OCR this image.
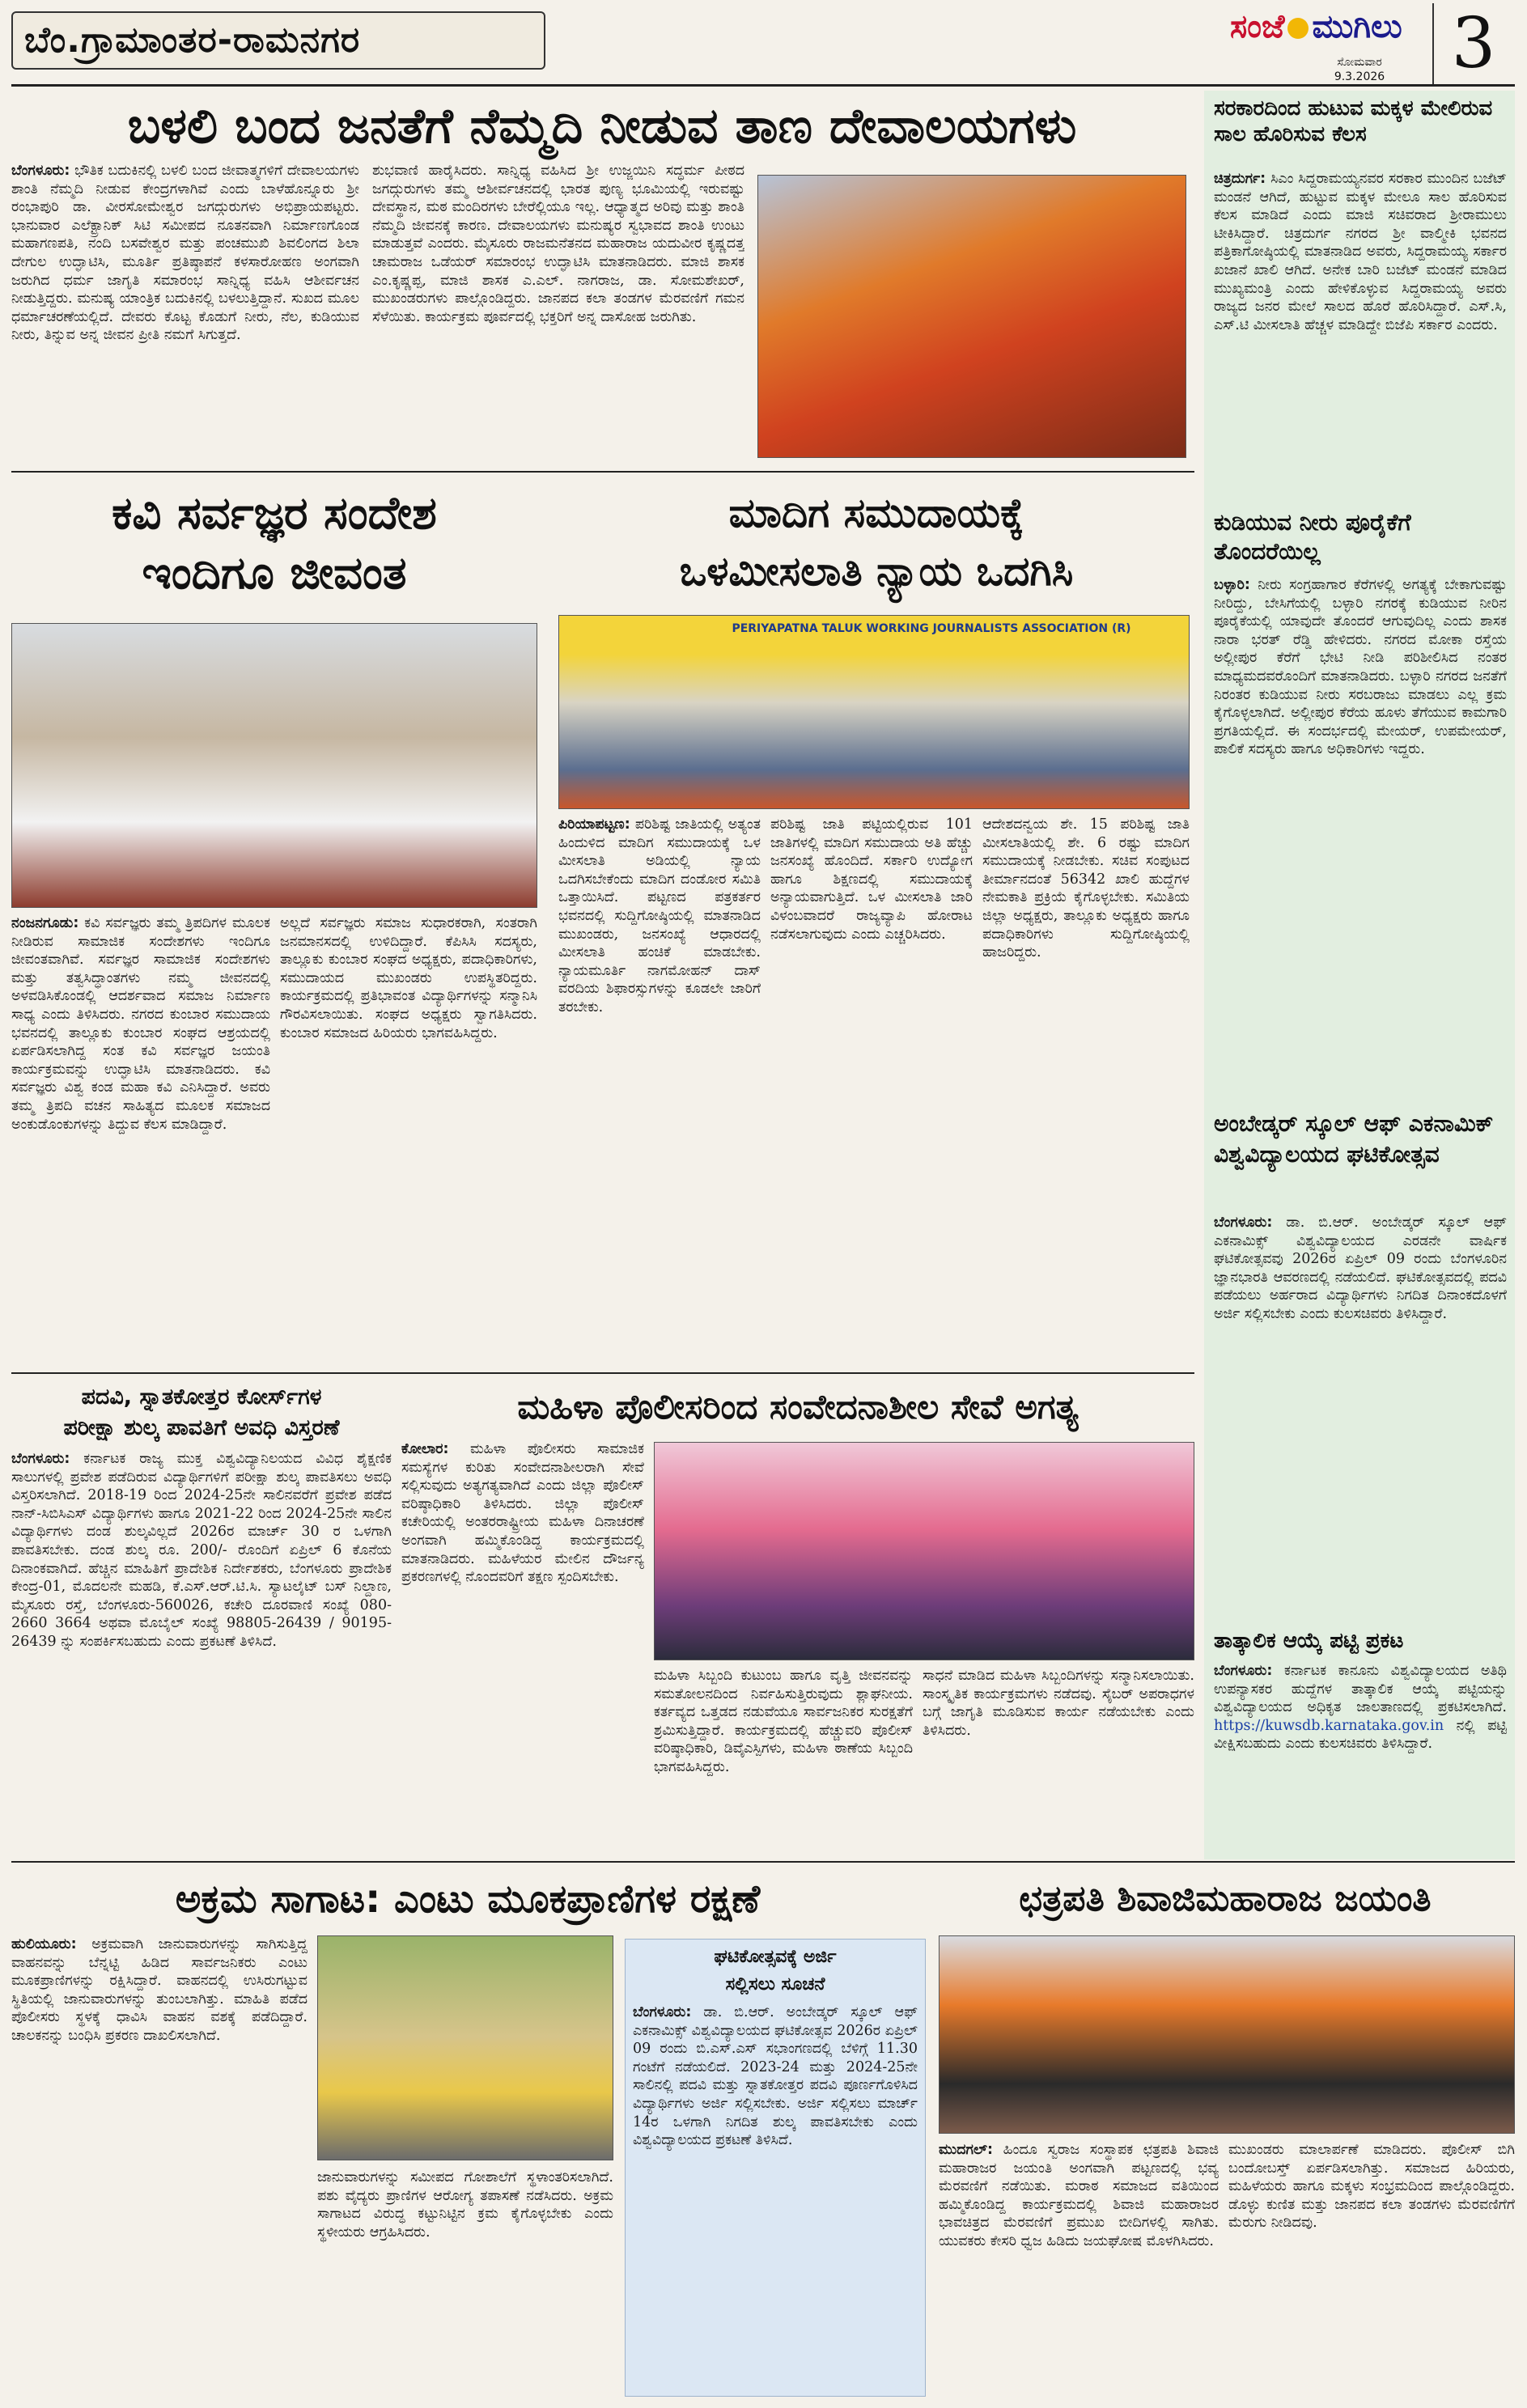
ಬೆಂ.ಗ್ರಾಮಾಂತರ-ರಾಮನಗರ	ಸಂಜೆ ಮುಗಿಲು
ಸೋಮವಾರ
9.3.2026 3
ಬಳಲಿ ಬಂದ ಜನತೆಗೆ ನೆಮ್ಮದಿ ನೀಡುವ ತಾಣ ದೇವಾಲಯಗಳು
ಬೆಂಗಳೂರು: ಭೌತಿಕ ಬದುಕಿನಲ್ಲಿ ಬಳಲಿ ಬಂದ ಜೀವಾತ್ಮಗಳಿಗೆ ದೇವಾಲಯಗಳು ಶಾಂತಿ ನೆಮ್ಮದಿ ನೀಡುವ ಕೇಂದ್ರಗಳಾಗಿವೆ ಎಂದು ಬಾಳೆಹೊನ್ನೂರು ಶ್ರೀ ರಂಭಾಪುರಿ ಡಾ. ವೀರಸೋಮೇಶ್ವರ ಜಗದ್ಗುರುಗಳು ಅಭಿಪ್ರಾಯಪಟ್ಟರು. ಭಾನುವಾರ ಎಲೆಕ್ಟ್ರಾನಿಕ್ ಸಿಟಿ ಸಮೀಪದ ನೂತನವಾಗಿ ನಿರ್ಮಾಣಗೊಂಡ ಮಹಾಗಣಪತಿ, ನಂದಿ ಬಸವೇಶ್ವರ ಮತ್ತು ಪಂಚಮುಖಿ ಶಿವಲಿಂಗದ ಶಿಲಾ ದೇಗುಲ ಉದ್ಘಾಟಿಸಿ, ಮೂರ್ತಿ ಪ್ರತಿಷ್ಠಾಪನೆ ಕಳಸಾರೋಹಣ ಅಂಗವಾಗಿ ಜರುಗಿದ ಧರ್ಮ ಜಾಗೃತಿ ಸಮಾರಂಭ ಸಾನ್ನಿಧ್ಯ ವಹಿಸಿ ಆಶೀರ್ವಚನ ನೀಡುತ್ತಿದ್ದರು. ಮನುಷ್ಯ ಯಾಂತ್ರಿಕ ಬದುಕಿನಲ್ಲಿ ಬಳಲುತ್ತಿದ್ದಾನೆ. ಸುಖದ ಮೂಲ ಧರ್ಮಾಚರಣೆಯಲ್ಲಿದೆ. ದೇವರು ಕೊಟ್ಟ ಕೊಡುಗೆ ನೀರು, ನೆಲ, ಕುಡಿಯುವ ನೀರು, ತಿನ್ನುವ ಅನ್ನ ಜೀವನ ಪ್ರೀತಿ ನಮಗೆ ಸಿಗುತ್ತದೆ.
ಶುಭವಾಣಿ ಹಾರೈಸಿದರು. ಸಾನ್ನಿಧ್ಯ ವಹಿಸಿದ ಶ್ರೀ ಉಜ್ಜಯಿನಿ ಸದ್ಧರ್ಮ ಪೀಠದ ಜಗದ್ಗುರುಗಳು ತಮ್ಮ ಆಶೀರ್ವಚನದಲ್ಲಿ ಭಾರತ ಪುಣ್ಯ ಭೂಮಿಯಲ್ಲಿ ಇರುವಷ್ಟು ದೇವಸ್ಥಾನ, ಮಠ ಮಂದಿರಗಳು ಬೇರೆಲ್ಲಿಯೂ ಇಲ್ಲ. ಆಧ್ಯಾತ್ಮದ ಅರಿವು ಮತ್ತು ಶಾಂತಿ ನೆಮ್ಮದಿ ಜೀವನಕ್ಕೆ ಕಾರಣ. ದೇವಾಲಯಗಳು ಮನುಷ್ಯರ ಸ್ವಭಾವದ ಶಾಂತಿ ಉಂಟು ಮಾಡುತ್ತವೆ ಎಂದರು. ಮೈಸೂರು ರಾಜಮನೆತನದ ಮಹಾರಾಜ ಯದುವೀರ ಕೃಷ್ಣದತ್ತ ಚಾಮರಾಜ ಒಡೆಯರ್ ಸಮಾರಂಭ ಉದ್ಘಾಟಿಸಿ ಮಾತನಾಡಿದರು. ಮಾಜಿ ಶಾಸಕ ಎಂ.ಕೃಷ್ಣಪ್ಪ, ಮಾಜಿ ಶಾಸಕ ಎ.ಎಲ್. ನಾಗರಾಜ, ಡಾ. ಸೋಮಶೇಖರ್, ಮುಖಂಡರುಗಳು ಪಾಲ್ಗೊಂಡಿದ್ದರು. ಜಾನಪದ ಕಲಾ ತಂಡಗಳ ಮೆರವಣಿಗೆ ಗಮನ ಸೆಳೆಯಿತು. ಕಾರ್ಯಕ್ರಮ ಪೂರ್ವದಲ್ಲಿ ಭಕ್ತರಿಗೆ ಅನ್ನ ದಾಸೋಹ ಜರುಗಿತು.
ಸರಕಾರದಿಂದ ಹುಟುವ ಮಕ್ಕಳ ಮೇಲಿರುವ ಸಾಲ ಹೊರಿಸುವ ಕೆಲಸ
ಚಿತ್ರದುರ್ಗ: ಸಿಎಂ ಸಿದ್ದರಾಮಯ್ಯನವರ ಸರಕಾರ ಮುಂದಿನ ಬಜೆಟ್ ಮಂಡನೆ ಆಗಿದೆ, ಹುಟ್ಟುವ ಮಕ್ಕಳ ಮೇಲೂ ಸಾಲ ಹೊರಿಸುವ ಕೆಲಸ ಮಾಡಿದೆ ಎಂದು ಮಾಜಿ ಸಚಿವರಾದ ಶ್ರೀರಾಮುಲು ಟೀಕಿಸಿದ್ದಾರೆ. ಚಿತ್ರದುರ್ಗ ನಗರದ ಶ್ರೀ ವಾಲ್ಮೀಕಿ ಭವನದ ಪತ್ರಿಕಾಗೋಷ್ಠಿಯಲ್ಲಿ ಮಾತನಾಡಿದ ಅವರು, ಸಿದ್ದರಾಮಯ್ಯ ಸರ್ಕಾರ ಖಜಾನೆ ಖಾಲಿ ಆಗಿದೆ. ಅನೇಕ ಬಾರಿ ಬಜೆಟ್ ಮಂಡನೆ ಮಾಡಿದ ಮುಖ್ಯಮಂತ್ರಿ ಎಂದು ಹೇಳಿಕೊಳ್ಳುವ ಸಿದ್ದರಾಮಯ್ಯ ಅವರು ರಾಜ್ಯದ ಜನರ ಮೇಲೆ ಸಾಲದ ಹೊರೆ ಹೊರಿಸಿದ್ದಾರೆ. ಎಸ್.ಸಿ, ಎಸ್.ಟಿ ಮೀಸಲಾತಿ ಹೆಚ್ಚಳ ಮಾಡಿದ್ದೇ ಬಿಜೆಪಿ ಸರ್ಕಾರ ಎಂದರು.
ಕುಡಿಯುವ ನೀರು ಪೂರೈಕೆಗೆ ತೊಂದರೆಯಿಲ್ಲ
ಬಳ್ಳಾರಿ: ನೀರು ಸಂಗ್ರಹಾಗಾರ ಕೆರೆಗಳಲ್ಲಿ ಅಗತ್ಯಕ್ಕೆ ಬೇಕಾಗುವಷ್ಟು ನೀರಿದ್ದು, ಬೇಸಿಗೆಯಲ್ಲಿ ಬಳ್ಳಾರಿ ನಗರಕ್ಕೆ ಕುಡಿಯುವ ನೀರಿನ ಪೂರೈಕೆಯಲ್ಲಿ ಯಾವುದೇ ತೊಂದರೆ ಆಗುವುದಿಲ್ಲ ಎಂದು ಶಾಸಕ ನಾರಾ ಭರತ್ ರೆಡ್ಡಿ ಹೇಳಿದರು. ನಗರದ ಮೋಕಾ ರಸ್ತೆಯ ಅಲ್ಲೀಪುರ ಕೆರೆಗೆ ಭೇಟಿ ನೀಡಿ ಪರಿಶೀಲಿಸಿದ ನಂತರ ಮಾಧ್ಯಮದವರೊಂದಿಗೆ ಮಾತನಾಡಿದರು. ಬಳ್ಳಾರಿ ನಗರದ ಜನತೆಗೆ ನಿರಂತರ ಕುಡಿಯುವ ನೀರು ಸರಬರಾಜು ಮಾಡಲು ಎಲ್ಲ ಕ್ರಮ ಕೈಗೊಳ್ಳಲಾಗಿದೆ. ಅಲ್ಲೀಪುರ ಕೆರೆಯ ಹೂಳು ತೆಗೆಯುವ ಕಾಮಗಾರಿ ಪ್ರಗತಿಯಲ್ಲಿದೆ. ಈ ಸಂದರ್ಭದಲ್ಲಿ ಮೇಯರ್, ಉಪಮೇಯರ್, ಪಾಲಿಕೆ ಸದಸ್ಯರು ಹಾಗೂ ಅಧಿಕಾರಿಗಳು ಇದ್ದರು.
ಅಂಬೇಡ್ಕರ್ ಸ್ಕೂಲ್ ಆಫ್ ಎಕನಾಮಿಕ್ ವಿಶ್ವವಿದ್ಯಾಲಯದ ಘಟಿಕೋತ್ಸವ
ಬೆಂಗಳೂರು: ಡಾ. ಬಿ.ಆರ್. ಅಂಬೇಡ್ಕರ್ ಸ್ಕೂಲ್ ಆಫ್ ಎಕನಾಮಿಕ್ಸ್ ವಿಶ್ವವಿದ್ಯಾಲಯದ ಎರಡನೇ ವಾರ್ಷಿಕ ಘಟಿಕೋತ್ಸವವು 2026ರ ಏಪ್ರಿಲ್ 09 ರಂದು ಬೆಂಗಳೂರಿನ ಜ್ಞಾನಭಾರತಿ ಆವರಣದಲ್ಲಿ ನಡೆಯಲಿದೆ. ಘಟಿಕೋತ್ಸವದಲ್ಲಿ ಪದವಿ ಪಡೆಯಲು ಅರ್ಹರಾದ ವಿದ್ಯಾರ್ಥಿಗಳು ನಿಗದಿತ ದಿನಾಂಕದೊಳಗೆ ಅರ್ಜಿ ಸಲ್ಲಿಸಬೇಕು ಎಂದು ಕುಲಸಚಿವರು ತಿಳಿಸಿದ್ದಾರೆ.
ತಾತ್ಕಾಲಿಕ ಆಯ್ಕೆ ಪಟ್ಟಿ ಪ್ರಕಟ
ಬೆಂಗಳೂರು: ಕರ್ನಾಟಕ ಕಾನೂನು ವಿಶ್ವವಿದ್ಯಾಲಯದ ಅತಿಥಿ ಉಪನ್ಯಾಸಕರ ಹುದ್ದೆಗಳ ತಾತ್ಕಾಲಿಕ ಆಯ್ಕೆ ಪಟ್ಟಿಯನ್ನು ವಿಶ್ವವಿದ್ಯಾಲಯದ ಅಧಿಕೃತ ಜಾಲತಾಣದಲ್ಲಿ ಪ್ರಕಟಿಸಲಾಗಿದೆ. https://kuwsdb.karnataka.gov.in ನಲ್ಲಿ ಪಟ್ಟಿ ವೀಕ್ಷಿಸಬಹುದು ಎಂದು ಕುಲಸಚಿವರು ತಿಳಿಸಿದ್ದಾರೆ.
ಕವಿ ಸರ್ವಜ್ಞರ ಸಂದೇಶ
ಇಂದಿಗೂ ಜೀವಂತ
ನಂಜನಗೂಡು: ಕವಿ ಸರ್ವಜ್ಞರು ತಮ್ಮ ತ್ರಿಪದಿಗಳ ಮೂಲಕ ನೀಡಿರುವ ಸಾಮಾಜಿಕ ಸಂದೇಶಗಳು ಇಂದಿಗೂ ಜೀವಂತವಾಗಿವೆ. ಸರ್ವಜ್ಞರ ಸಾಮಾಜಿಕ ಸಂದೇಶಗಳು ಮತ್ತು ತತ್ವಸಿದ್ಧಾಂತಗಳು ನಮ್ಮ ಜೀವನದಲ್ಲಿ ಅಳವಡಿಸಿಕೊಂಡಲ್ಲಿ ಆದರ್ಶವಾದ ಸಮಾಜ ನಿರ್ಮಾಣ ಸಾಧ್ಯ ಎಂದು ತಿಳಿಸಿದರು. ನಗರದ ಕುಂಬಾರ ಸಮುದಾಯ ಭವನದಲ್ಲಿ ತಾಲ್ಲೂಕು ಕುಂಬಾರ ಸಂಘದ ಆಶ್ರಯದಲ್ಲಿ ಏರ್ಪಡಿಸಲಾಗಿದ್ದ ಸಂತ ಕವಿ ಸರ್ವಜ್ಞರ ಜಯಂತಿ ಕಾರ್ಯಕ್ರಮವನ್ನು ಉದ್ಘಾಟಿಸಿ ಮಾತನಾಡಿದರು. ಕವಿ ಸರ್ವಜ್ಞರು ವಿಶ್ವ ಕಂಡ ಮಹಾ ಕವಿ ಎನಿಸಿದ್ದಾರೆ. ಅವರು ತಮ್ಮ ತ್ರಿಪದಿ ವಚನ ಸಾಹಿತ್ಯದ ಮೂಲಕ ಸಮಾಜದ ಅಂಕುಡೊಂಕುಗಳನ್ನು ತಿದ್ದುವ ಕೆಲಸ ಮಾಡಿದ್ದಾರೆ.
ಅಲ್ಲದೆ ಸರ್ವಜ್ಞರು ಸಮಾಜ ಸುಧಾರಕರಾಗಿ, ಸಂತರಾಗಿ ಜನಮಾನಸದಲ್ಲಿ ಉಳಿದಿದ್ದಾರೆ. ಕೆಪಿಸಿಸಿ ಸದಸ್ಯರು, ತಾಲ್ಲೂಕು ಕುಂಬಾರ ಸಂಘದ ಅಧ್ಯಕ್ಷರು, ಪದಾಧಿಕಾರಿಗಳು, ಸಮುದಾಯದ ಮುಖಂಡರು ಉಪಸ್ಥಿತರಿದ್ದರು. ಕಾರ್ಯಕ್ರಮದಲ್ಲಿ ಪ್ರತಿಭಾವಂತ ವಿದ್ಯಾರ್ಥಿಗಳನ್ನು ಸನ್ಮಾನಿಸಿ ಗೌರವಿಸಲಾಯಿತು. ಸಂಘದ ಅಧ್ಯಕ್ಷರು ಸ್ವಾಗತಿಸಿದರು. ಕುಂಬಾರ ಸಮಾಜದ ಹಿರಿಯರು ಭಾಗವಹಿಸಿದ್ದರು.
ಮಾದಿಗ ಸಮುದಾಯಕ್ಕೆ
ಒಳಮೀಸಲಾತಿ ನ್ಯಾಯ ಒದಗಿಸಿ
PERIYAPATNA TALUK WORKING JOURNALISTS ASSOCIATION (R)
ಪಿರಿಯಾಪಟ್ಟಣ: ಪರಿಶಿಷ್ಟ ಜಾತಿಯಲ್ಲಿ ಅತ್ಯಂತ ಹಿಂದುಳಿದ ಮಾದಿಗ ಸಮುದಾಯಕ್ಕೆ ಒಳ ಮೀಸಲಾತಿ ಅಡಿಯಲ್ಲಿ ನ್ಯಾಯ ಒದಗಿಸಬೇಕೆಂದು ಮಾದಿಗ ದಂಡೋರ ಸಮಿತಿ ಒತ್ತಾಯಿಸಿದೆ. ಪಟ್ಟಣದ ಪತ್ರಕರ್ತರ ಭವನದಲ್ಲಿ ಸುದ್ದಿಗೋಷ್ಠಿಯಲ್ಲಿ ಮಾತನಾಡಿದ ಮುಖಂಡರು, ಜನಸಂಖ್ಯೆ ಆಧಾರದಲ್ಲಿ ಮೀಸಲಾತಿ ಹಂಚಿಕೆ ಮಾಡಬೇಕು. ನ್ಯಾಯಮೂರ್ತಿ ನಾಗಮೋಹನ್ ದಾಸ್ ವರದಿಯ ಶಿಫಾರಸ್ಸುಗಳನ್ನು ಕೂಡಲೇ ಜಾರಿಗೆ ತರಬೇಕು.
ಪರಿಶಿಷ್ಟ ಜಾತಿ ಪಟ್ಟಿಯಲ್ಲಿರುವ 101 ಜಾತಿಗಳಲ್ಲಿ ಮಾದಿಗ ಸಮುದಾಯ ಅತಿ ಹೆಚ್ಚು ಜನಸಂಖ್ಯೆ ಹೊಂದಿದೆ. ಸರ್ಕಾರಿ ಉದ್ಯೋಗ ಹಾಗೂ ಶಿಕ್ಷಣದಲ್ಲಿ ಸಮುದಾಯಕ್ಕೆ ಅನ್ಯಾಯವಾಗುತ್ತಿದೆ. ಒಳ ಮೀಸಲಾತಿ ಜಾರಿ ವಿಳಂಬವಾದರೆ ರಾಜ್ಯವ್ಯಾಪಿ ಹೋರಾಟ ನಡೆಸಲಾಗುವುದು ಎಂದು ಎಚ್ಚರಿಸಿದರು.
ಆದೇಶದನ್ವಯ ಶೇ. 15 ಪರಿಶಿಷ್ಟ ಜಾತಿ ಮೀಸಲಾತಿಯಲ್ಲಿ ಶೇ. 6 ರಷ್ಟು ಮಾದಿಗ ಸಮುದಾಯಕ್ಕೆ ನೀಡಬೇಕು. ಸಚಿವ ಸಂಪುಟದ ತೀರ್ಮಾನದಂತೆ 56342 ಖಾಲಿ ಹುದ್ದೆಗಳ ನೇಮಕಾತಿ ಪ್ರಕ್ರಿಯೆ ಕೈಗೊಳ್ಳಬೇಕು. ಸಮಿತಿಯ ಜಿಲ್ಲಾ ಅಧ್ಯಕ್ಷರು, ತಾಲ್ಲೂಕು ಅಧ್ಯಕ್ಷರು ಹಾಗೂ ಪದಾಧಿಕಾರಿಗಳು ಸುದ್ದಿಗೋಷ್ಠಿಯಲ್ಲಿ ಹಾಜರಿದ್ದರು.
ಪದವಿ, ಸ್ನಾತಕೋತ್ತರ ಕೋರ್ಸ್‌ಗಳ
ಪರೀಕ್ಷಾ ಶುಲ್ಕ ಪಾವತಿಗೆ ಅವಧಿ ವಿಸ್ತರಣೆ
ಬೆಂಗಳೂರು: ಕರ್ನಾಟಕ ರಾಜ್ಯ ಮುಕ್ತ ವಿಶ್ವವಿದ್ಯಾನಿಲಯದ ವಿವಿಧ ಶೈಕ್ಷಣಿಕ ಸಾಲುಗಳಲ್ಲಿ ಪ್ರವೇಶ ಪಡೆದಿರುವ ವಿದ್ಯಾರ್ಥಿಗಳಿಗೆ ಪರೀಕ್ಷಾ ಶುಲ್ಕ ಪಾವತಿಸಲು ಅವಧಿ ವಿಸ್ತರಿಸಲಾಗಿದೆ. 2018-19 ರಿಂದ 2024-25ನೇ ಸಾಲಿನವರೆಗೆ ಪ್ರವೇಶ ಪಡೆದ ನಾನ್-ಸಿಬಿಸಿಎಸ್ ವಿದ್ಯಾರ್ಥಿಗಳು ಹಾಗೂ 2021-22 ರಿಂದ 2024-25ನೇ ಸಾಲಿನ ವಿದ್ಯಾರ್ಥಿಗಳು ದಂಡ ಶುಲ್ಕವಿಲ್ಲದೆ 2026ರ ಮಾರ್ಚ್ 30 ರ ಒಳಗಾಗಿ ಪಾವತಿಸಬೇಕು. ದಂಡ ಶುಲ್ಕ ರೂ. 200/- ರೊಂದಿಗೆ ಏಪ್ರಿಲ್ 6 ಕೊನೆಯ ದಿನಾಂಕವಾಗಿದೆ. ಹೆಚ್ಚಿನ ಮಾಹಿತಿಗೆ ಪ್ರಾದೇಶಿಕ ನಿರ್ದೇಶಕರು, ಬೆಂಗಳೂರು ಪ್ರಾದೇಶಿಕ ಕೇಂದ್ರ-01, ಮೊದಲನೇ ಮಹಡಿ, ಕೆ.ಎಸ್.ಆರ್.ಟಿ.ಸಿ. ಸ್ಯಾಟಲೈಟ್ ಬಸ್ ನಿಲ್ದಾಣ, ಮೈಸೂರು ರಸ್ತೆ, ಬೆಂಗಳೂರು-560026, ಕಚೇರಿ ದೂರವಾಣಿ ಸಂಖ್ಯೆ 080-2660 3664 ಅಥವಾ ಮೊಬೈಲ್ ಸಂಖ್ಯೆ 98805-26439 / 90195-26439 ನ್ನು ಸಂಪರ್ಕಿಸಬಹುದು ಎಂದು ಪ್ರಕಟಣೆ ತಿಳಿಸಿದೆ.
ಮಹಿಳಾ ಪೊಲೀಸರಿಂದ ಸಂವೇದನಾಶೀಲ ಸೇವೆ ಅಗತ್ಯ
ಕೋಲಾರ: ಮಹಿಳಾ ಪೊಲೀಸರು ಸಾಮಾಜಿಕ ಸಮಸ್ಯೆಗಳ ಕುರಿತು ಸಂವೇದನಾಶೀಲರಾಗಿ ಸೇವೆ ಸಲ್ಲಿಸುವುದು ಅತ್ಯಗತ್ಯವಾಗಿದೆ ಎಂದು ಜಿಲ್ಲಾ ಪೊಲೀಸ್ ವರಿಷ್ಠಾಧಿಕಾರಿ ತಿಳಿಸಿದರು. ಜಿಲ್ಲಾ ಪೊಲೀಸ್ ಕಚೇರಿಯಲ್ಲಿ ಅಂತರರಾಷ್ಟ್ರೀಯ ಮಹಿಳಾ ದಿನಾಚರಣೆ ಅಂಗವಾಗಿ ಹಮ್ಮಿಕೊಂಡಿದ್ದ ಕಾರ್ಯಕ್ರಮದಲ್ಲಿ ಮಾತನಾಡಿದರು. ಮಹಿಳೆಯರ ಮೇಲಿನ ದೌರ್ಜನ್ಯ ಪ್ರಕರಣಗಳಲ್ಲಿ ನೊಂದವರಿಗೆ ತಕ್ಷಣ ಸ್ಪಂದಿಸಬೇಕು.
ಮಹಿಳಾ ಸಿಬ್ಬಂದಿ ಕುಟುಂಬ ಹಾಗೂ ವೃತ್ತಿ ಜೀವನವನ್ನು ಸಮತೋಲನದಿಂದ ನಿರ್ವಹಿಸುತ್ತಿರುವುದು ಶ್ಲಾಘನೀಯ. ಕರ್ತವ್ಯದ ಒತ್ತಡದ ನಡುವೆಯೂ ಸಾರ್ವಜನಿಕರ ಸುರಕ್ಷತೆಗೆ ಶ್ರಮಿಸುತ್ತಿದ್ದಾರೆ. ಕಾರ್ಯಕ್ರಮದಲ್ಲಿ ಹೆಚ್ಚುವರಿ ಪೊಲೀಸ್ ವರಿಷ್ಠಾಧಿಕಾರಿ, ಡಿವೈಎಸ್ಪಿಗಳು, ಮಹಿಳಾ ಠಾಣೆಯ ಸಿಬ್ಬಂದಿ ಭಾಗವಹಿಸಿದ್ದರು.
ಸಾಧನೆ ಮಾಡಿದ ಮಹಿಳಾ ಸಿಬ್ಬಂದಿಗಳನ್ನು ಸನ್ಮಾನಿಸಲಾಯಿತು. ಸಾಂಸ್ಕೃತಿಕ ಕಾರ್ಯಕ್ರಮಗಳು ನಡೆದವು. ಸೈಬರ್ ಅಪರಾಧಗಳ ಬಗ್ಗೆ ಜಾಗೃತಿ ಮೂಡಿಸುವ ಕಾರ್ಯ ನಡೆಯಬೇಕು ಎಂದು ತಿಳಿಸಿದರು.
ಅಕ್ರಮ ಸಾಗಾಟ: ಎಂಟು ಮೂಕಪ್ರಾಣಿಗಳ ರಕ್ಷಣೆ
ಹುಲಿಯೂರು: ಅಕ್ರಮವಾಗಿ ಜಾನುವಾರುಗಳನ್ನು ಸಾಗಿಸುತ್ತಿದ್ದ ವಾಹನವನ್ನು ಬೆನ್ನಟ್ಟಿ ಹಿಡಿದ ಸಾರ್ವಜನಿಕರು ಎಂಟು ಮೂಕಪ್ರಾಣಿಗಳನ್ನು ರಕ್ಷಿಸಿದ್ದಾರೆ. ವಾಹನದಲ್ಲಿ ಉಸಿರುಗಟ್ಟುವ ಸ್ಥಿತಿಯಲ್ಲಿ ಜಾನುವಾರುಗಳನ್ನು ತುಂಬಲಾಗಿತ್ತು. ಮಾಹಿತಿ ಪಡೆದ ಪೊಲೀಸರು ಸ್ಥಳಕ್ಕೆ ಧಾವಿಸಿ ವಾಹನ ವಶಕ್ಕೆ ಪಡೆದಿದ್ದಾರೆ. ಚಾಲಕನನ್ನು ಬಂಧಿಸಿ ಪ್ರಕರಣ ದಾಖಲಿಸಲಾಗಿದೆ.
ಜಾನುವಾರುಗಳನ್ನು ಸಮೀಪದ ಗೋಶಾಲೆಗೆ ಸ್ಥಳಾಂತರಿಸಲಾಗಿದೆ. ಪಶು ವೈದ್ಯರು ಪ್ರಾಣಿಗಳ ಆರೋಗ್ಯ ತಪಾಸಣೆ ನಡೆಸಿದರು. ಅಕ್ರಮ ಸಾಗಾಟದ ವಿರುದ್ಧ ಕಟ್ಟುನಿಟ್ಟಿನ ಕ್ರಮ ಕೈಗೊಳ್ಳಬೇಕು ಎಂದು ಸ್ಥಳೀಯರು ಆಗ್ರಹಿಸಿದರು.
ಘಟಿಕೋತ್ಸವಕ್ಕೆ ಅರ್ಜಿ
ಸಲ್ಲಿಸಲು ಸೂಚನೆ
ಬೆಂಗಳೂರು: ಡಾ. ಬಿ.ಆರ್. ಅಂಬೇಡ್ಕರ್ ಸ್ಕೂಲ್ ಆಫ್ ಎಕನಾಮಿಕ್ಸ್ ವಿಶ್ವವಿದ್ಯಾಲಯದ ಘಟಿಕೋತ್ಸವ 2026ರ ಏಪ್ರಿಲ್ 09 ರಂದು ಬಿ.ಎಸ್.ಎಸ್ ಸಭಾಂಗಣದಲ್ಲಿ ಬೆಳಿಗ್ಗೆ 11.30 ಗಂಟೆಗೆ ನಡೆಯಲಿದೆ. 2023-24 ಮತ್ತು 2024-25ನೇ ಸಾಲಿನಲ್ಲಿ ಪದವಿ ಮತ್ತು ಸ್ನಾತಕೋತ್ತರ ಪದವಿ ಪೂರ್ಣಗೊಳಿಸಿದ ವಿದ್ಯಾರ್ಥಿಗಳು ಅರ್ಜಿ ಸಲ್ಲಿಸಬೇಕು. ಅರ್ಜಿ ಸಲ್ಲಿಸಲು ಮಾರ್ಚ್ 14ರ ಒಳಗಾಗಿ ನಿಗದಿತ ಶುಲ್ಕ ಪಾವತಿಸಬೇಕು ಎಂದು ವಿಶ್ವವಿದ್ಯಾಲಯದ ಪ್ರಕಟಣೆ ತಿಳಿಸಿದೆ.
ಛತ್ರಪತಿ ಶಿವಾಜಿಮಹಾರಾಜ ಜಯಂತಿ
ಮುದಗಲ್: ಹಿಂದೂ ಸ್ವರಾಜ ಸಂಸ್ಥಾಪಕ ಛತ್ರಪತಿ ಶಿವಾಜಿ ಮಹಾರಾಜರ ಜಯಂತಿ ಅಂಗವಾಗಿ ಪಟ್ಟಣದಲ್ಲಿ ಭವ್ಯ ಮೆರವಣಿಗೆ ನಡೆಯಿತು. ಮರಾಠ ಸಮಾಜದ ವತಿಯಿಂದ ಹಮ್ಮಿಕೊಂಡಿದ್ದ ಕಾರ್ಯಕ್ರಮದಲ್ಲಿ ಶಿವಾಜಿ ಮಹಾರಾಜರ ಭಾವಚಿತ್ರದ ಮೆರವಣಿಗೆ ಪ್ರಮುಖ ಬೀದಿಗಳಲ್ಲಿ ಸಾಗಿತು. ಯುವಕರು ಕೇಸರಿ ಧ್ವಜ ಹಿಡಿದು ಜಯಘೋಷ ಮೊಳಗಿಸಿದರು.
ಮುಖಂಡರು ಮಾಲಾರ್ಪಣೆ ಮಾಡಿದರು. ಪೊಲೀಸ್ ಬಿಗಿ ಬಂದೋಬಸ್ತ್ ಏರ್ಪಡಿಸಲಾಗಿತ್ತು. ಸಮಾಜದ ಹಿರಿಯರು, ಮಹಿಳೆಯರು ಹಾಗೂ ಮಕ್ಕಳು ಸಂಭ್ರಮದಿಂದ ಪಾಲ್ಗೊಂಡಿದ್ದರು. ಡೊಳ್ಳು ಕುಣಿತ ಮತ್ತು ಜಾನಪದ ಕಲಾ ತಂಡಗಳು ಮೆರವಣಿಗೆಗೆ ಮೆರುಗು ನೀಡಿದವು.
